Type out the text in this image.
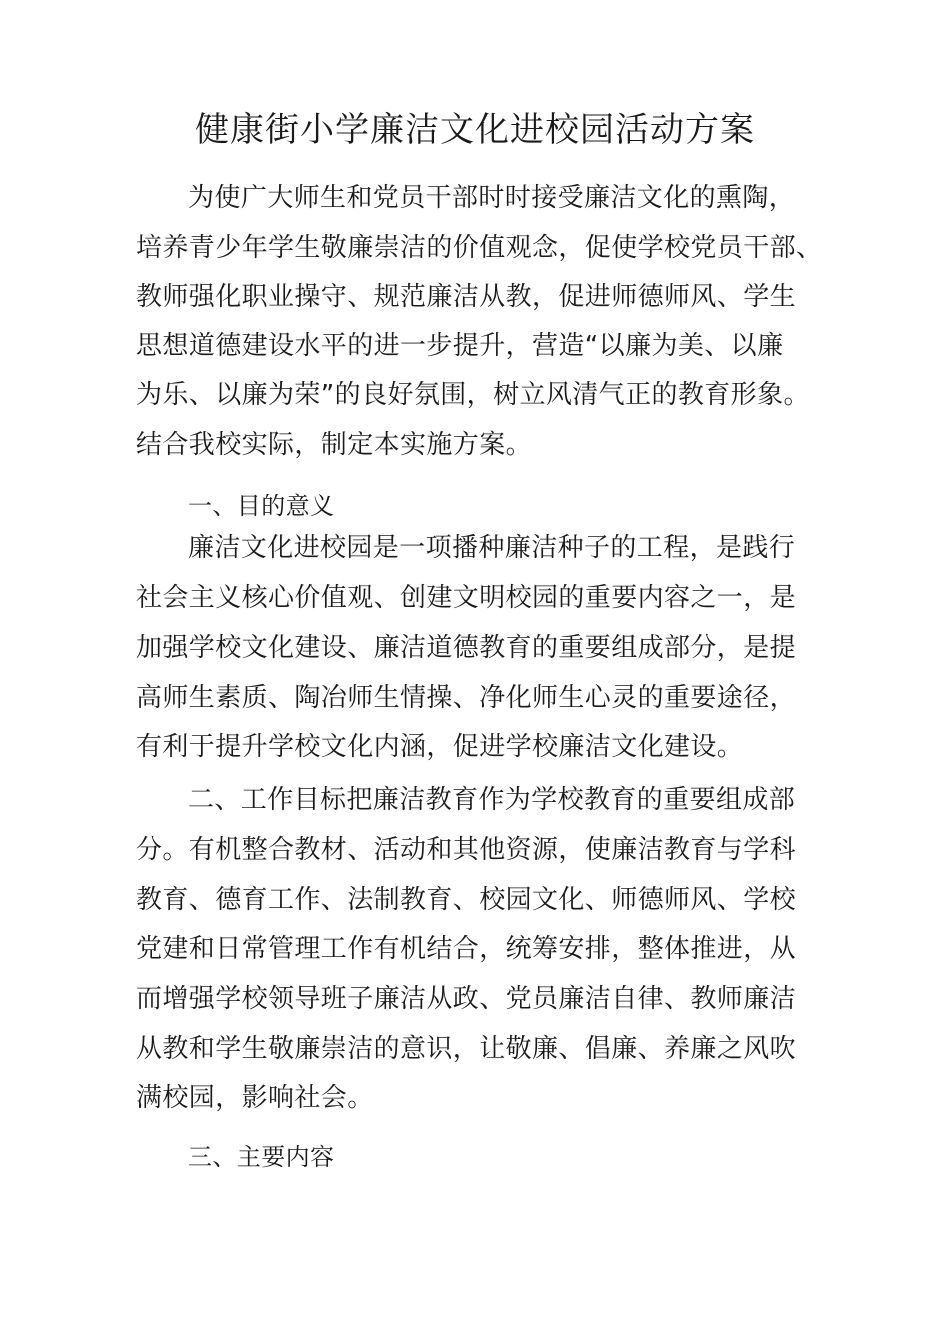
健康街小学廉洁文化进校园活动方案

为使广大师生和党员干部时时接受廉洁文化的熏陶，

培养青少年学生敬廉崇洁的价值观念，促使学校党员干部、

教师强化职业操守、规范廉洁从教，促进师德师风、学生

思想道德建设水平的进一步提升，营造“以廉为美、以廉

为乐、以廉为荣”的良好氛围，树立风清气正的教育形象。

结合我校实际，制定本实施方案。

一、目的意义

廉洁文化进校园是一项播种廉洁种子的工程，是践行

社会主义核心价值观、创建文明校园的重要内容之一，是

加强学校文化建设、廉洁道德教育的重要组成部分，是提

高师生素质、陶冶师生情操、净化师生心灵的重要途径，

有利于提升学校文化内涵，促进学校廉洁文化建设。

二、工作目标把廉洁教育作为学校教育的重要组成部

分。有机整合教材、活动和其他资源，使廉洁教育与学科

教育、德育工作、法制教育、校园文化、师德师风、学校

党建和日常管理工作有机结合，统筹安排，整体推进，从

而增强学校领导班子廉洁从政、党员廉洁自律、教师廉洁

从教和学生敬廉崇洁的意识，让敬廉、倡廉、养廉之风吹

满校园，影响社会。

三、主要内容
